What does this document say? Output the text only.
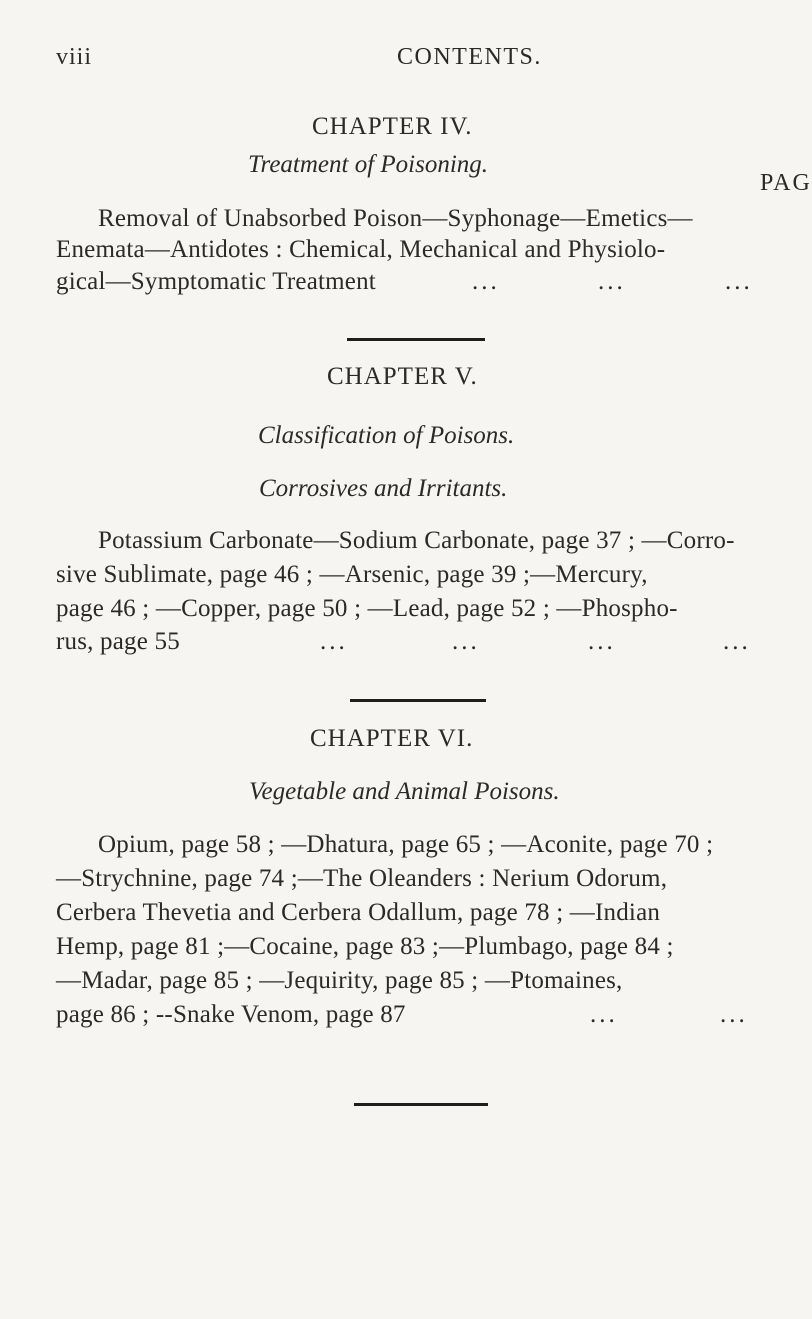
viii	CONTENTS.
CHAPTER IV.
Treatment of Poisoning.
PAG
Removal of Unabsorbed Poison—Syphonage—Emetics—
Enemata—Antidotes : Chemical, Mechanical and Physiolo-
gical—Symptomatic Treatment	...	...	...
CHAPTER V.
Classification of Poisons.
Corrosives and Irritants.
Potassium Carbonate—Sodium Carbonate, page 37 ; —Corro-
sive Sublimate, page 46 ; —Arsenic, page 39 ;—Mercury,
page 46 ; —Copper, page 50 ; —Lead, page 52 ; —Phospho-
rus, page 55	...	...	...	...
CHAPTER VI.
Vegetable and Animal Poisons.
Opium, page 58 ; —Dhatura, page 65 ; —Aconite, page 70 ;
—Strychnine, page 74 ;—The Oleanders : Nerium Odorum,
Cerbera Thevetia and Cerbera Odallum, page 78 ; —Indian
Hemp, page 81 ;—Cocaine, page 83 ;—Plumbago, page 84 ;
—Madar, page 85 ; —Jequirity, page 85 ; —Ptomaines,
page 86 ; --Snake Venom, page 87	...	...
